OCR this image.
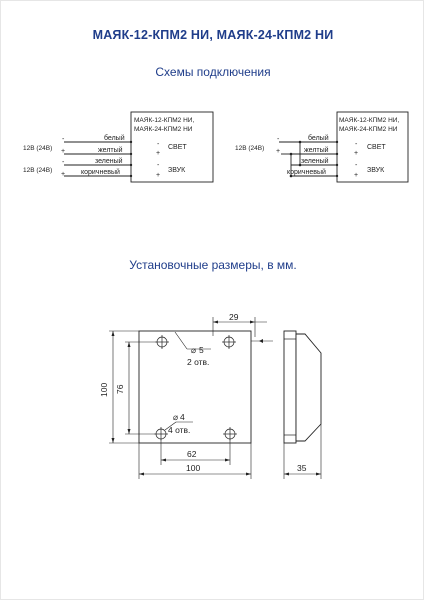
МАЯК-12-КПМ2 НИ, МАЯК-24-КПМ2 НИ
Схемы подключения
Установочные размеры, в мм.
МАЯК-12-КПМ2 НИ,
МАЯК-24-КПМ2 НИ
СВЕТ
ЗВУК
-
+
-
+
белый
желтый
зеленый
коричневый
-
+
-
+
12В (24В)
12В (24В)
МАЯК-12-КПМ2 НИ,
МАЯК-24-КПМ2 НИ
СВЕТ
ЗВУК
-
+
-
+
белый
желтый
зеленый
коричневый
-
+
12В (24В)
⌀ 5
2 отв.
⌀ 4
4 отв.
29
100 76
62
100	35
